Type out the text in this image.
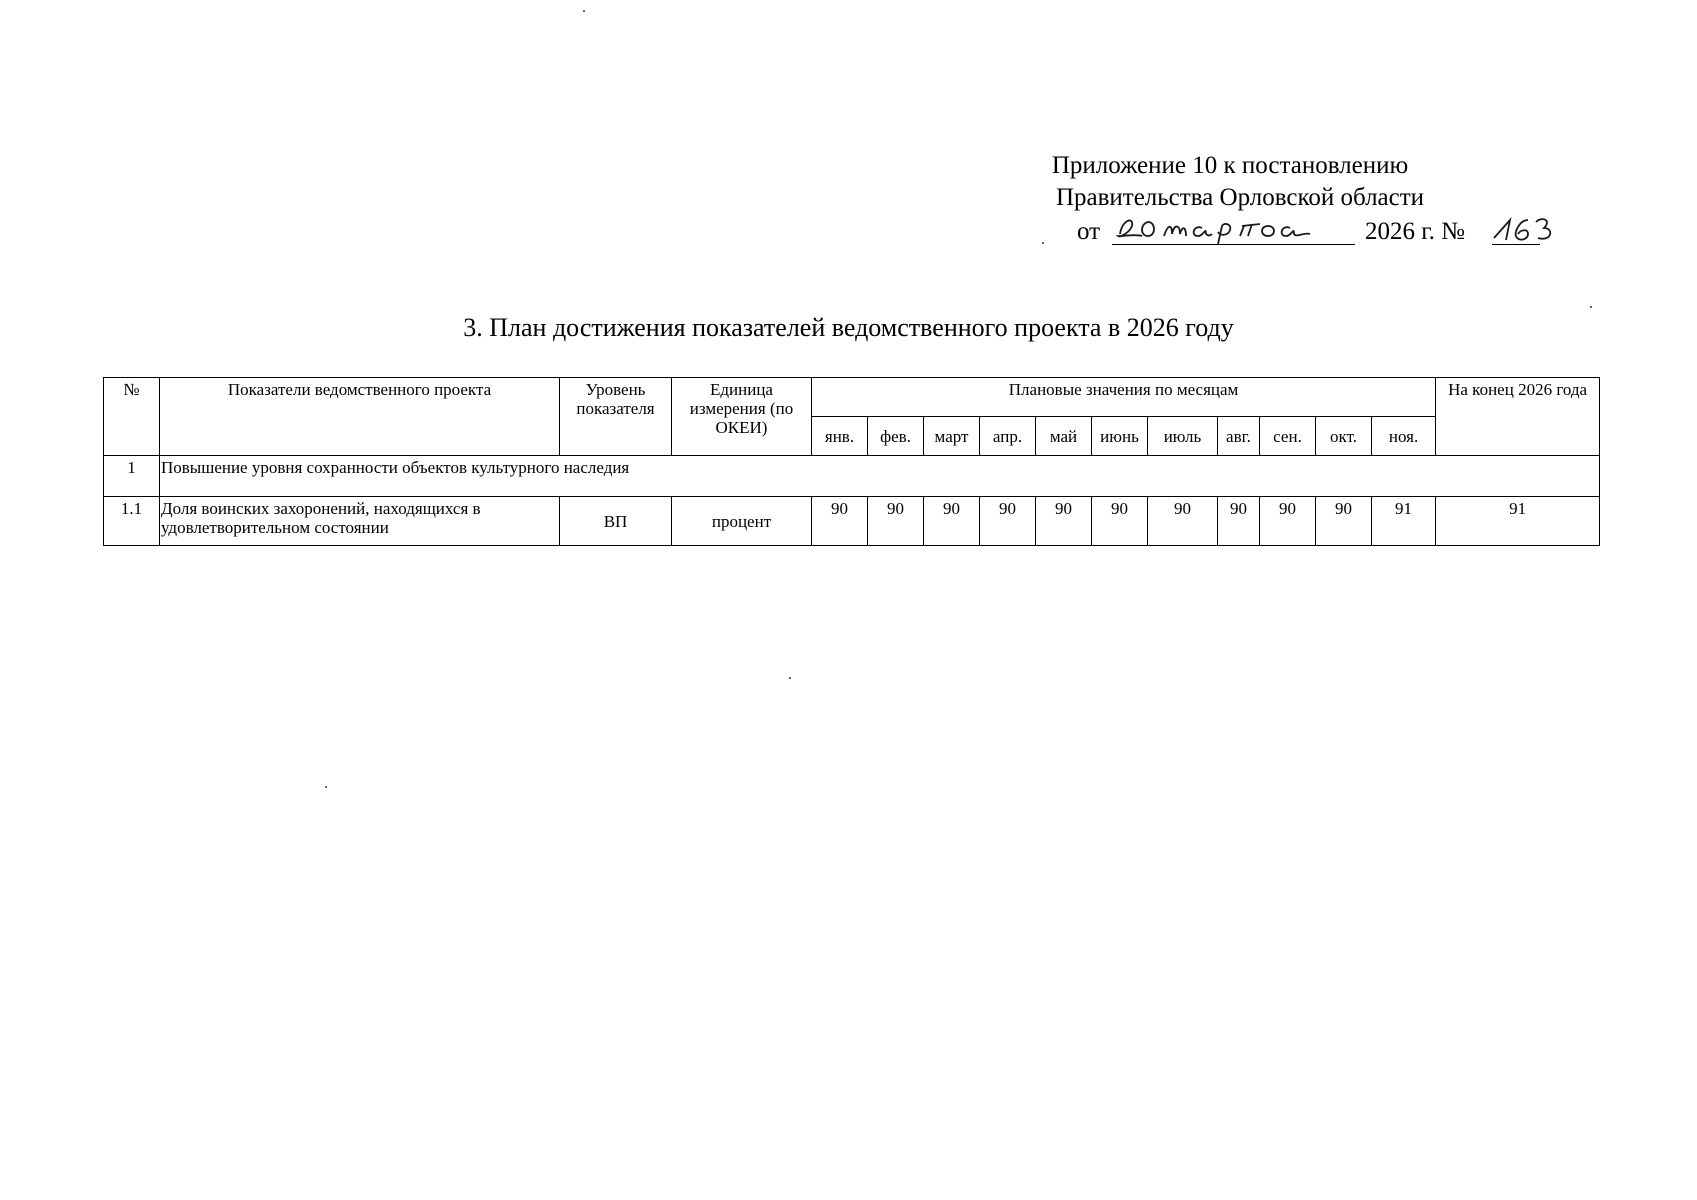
Приложение 10 к постановлению
Правительства Орловской области
от	2026 г. №
3. План достижения показателей ведомственного проекта в 2026 году
№	Показатели ведомственного проекта	Уровень показателя	Единица измерения (по ОКЕИ)	Плановые значения по месяцам											На конец 2026 года
				янв.	фев.	март	апр.	май	июнь	июль	авг.	сен.	окт.	ноя.	
1	Повышение уровня сохранности объектов культурного наследия														
1.1	Доля воинских захоронений, находящихся в удовлетворительном состоянии	ВП	процент	90	90	90	90	90	90	90	90	90	90	91	91
